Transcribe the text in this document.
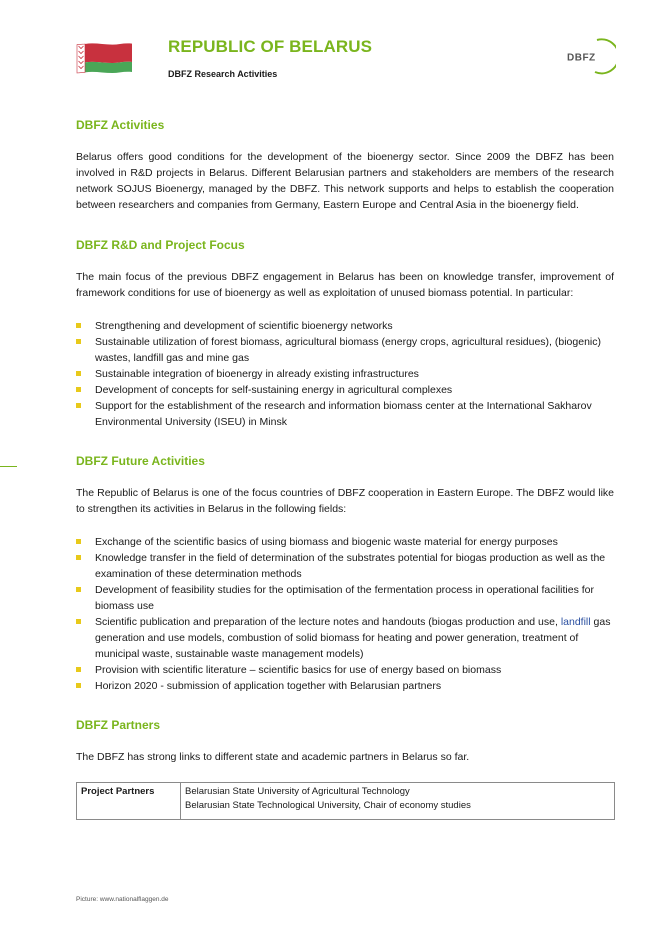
REPUBLIC OF BELARUS

DBFZ Research Activities

DBFZ
DBFZ Activities

Belarus offers good conditions for the development of the bioenergy sector. Since 2009 the DBFZ has been involved in R&D projects in Belarus. Different Belarusian partners and stakeholders are members of the research network SOJUS Bioenergy, managed by the DBFZ. This network supports and helps to establish the cooperation between researchers and companies from Germany, Eastern Europe and Central Asia in the bioenergy field.

DBFZ R&D and Project Focus

The main focus of the previous DBFZ engagement in Belarus has been on knowledge transfer, improvement of framework conditions for use of bioenergy as well as exploitation of unused biomass potential. In particular:

Strengthening and development of scientific bioenergy networks
Sustainable utilization of forest biomass, agricultural biomass (energy crops, agricultural residues), (biogenic) wastes, landfill gas and mine gas
Sustainable integration of bioenergy in already existing infrastructures
Development of concepts for self-sustaining energy in agricultural complexes
Support for the establishment of the research and information biomass center at the International Sakharov Environmental University (ISEU) in Minsk
DBFZ Future Activities

The Republic of Belarus is one of the focus countries of DBFZ cooperation in Eastern Europe. The DBFZ would like to strengthen its activities in Belarus in the following fields:

Exchange of the scientific basics of using biomass and biogenic waste material for energy purposes
Knowledge transfer in the field of determination of the substrates potential for biogas production as well as the examination of these determination methods
Development of feasibility studies for the optimisation of the fermentation process in operational facilities for biomass use
Scientific publication and preparation of the lecture notes and handouts (biogas production and use, landfill gas generation and use models, combustion of solid biomass for heating and power generation, treatment of municipal waste, sustainable waste management models)
Provision with scientific literature – scientific basics for use of energy based on biomass
Horizon 2020 - submission of application together with Belarusian partners
DBFZ Partners

The DBFZ has strong links to different state and academic partners in Belarus so far.

Project Partners	Belarusian State University of Agricultural Technology
Belarusian State Technological University, Chair of economy studies

Picture: www.nationalflaggen.de
